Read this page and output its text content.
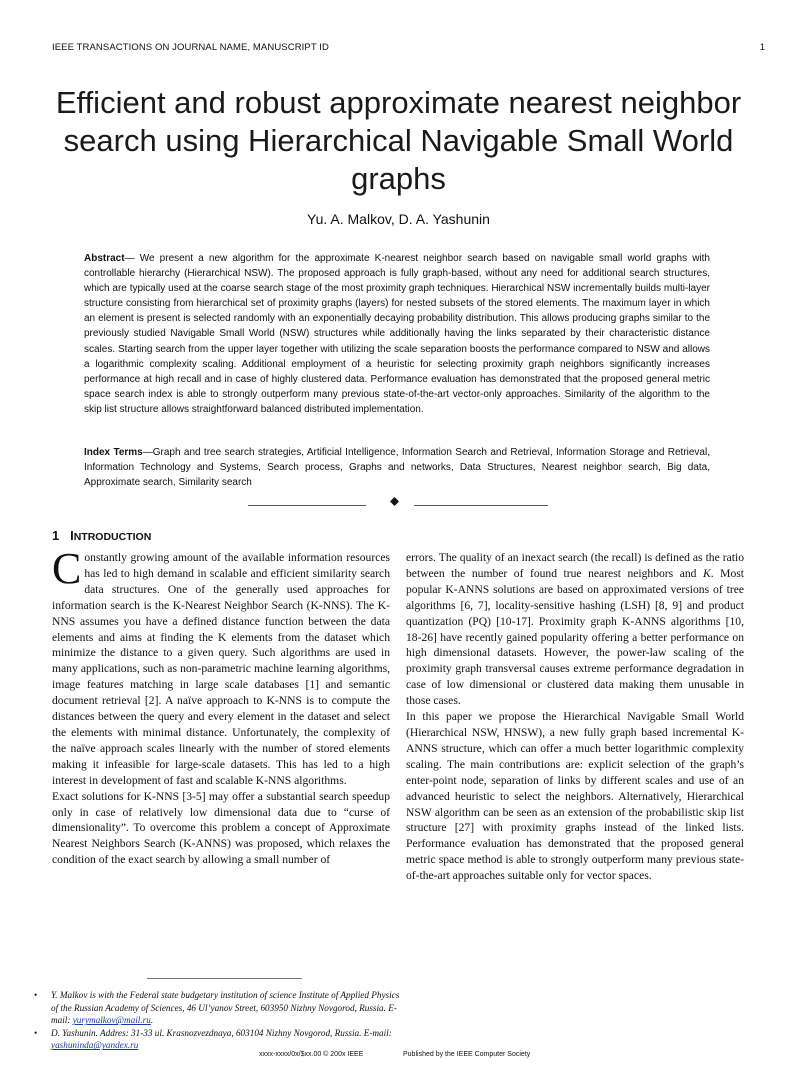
IEEE TRANSACTIONS ON JOURNAL NAME, MANUSCRIPT ID	1
Efficient and robust approximate nearest neighbor search using Hierarchical Navigable Small World graphs
Yu. A. Malkov, D. A. Yashunin
Abstract— We present a new algorithm for the approximate K-nearest neighbor search based on navigable small world graphs with controllable hierarchy (Hierarchical NSW). The proposed approach is fully graph-based, without any need for additional search structures, which are typically used at the coarse search stage of the most proximity graph techniques. Hierarchical NSW incrementally builds multi-layer structure consisting from hierarchical set of proximity graphs (layers) for nested subsets of the stored elements. The maximum layer in which an element is present is selected randomly with an exponentially decaying probability distribution. This allows producing graphs similar to the previously studied Navigable Small World (NSW) structures while additionally having the links separated by their characteristic distance scales. Starting search from the upper layer together with utilizing the scale separation boosts the performance compared to NSW and allows a logarithmic complexity scaling. Additional employment of a heuristic for selecting proximity graph neighbors significantly increases performance at high recall and in case of highly clustered data. Performance evaluation has demonstrated that the proposed general metric space search index is able to strongly outperform many previous state-of-the-art vector-only approaches. Similarity of the algorithm to the skip list structure allows straightforward balanced distributed implementation.
Index Terms—Graph and tree search strategies, Artificial Intelligence, Information Search and Retrieval, Information Storage and Retrieval, Information Technology and Systems, Search process, Graphs and networks, Data Structures, Nearest neighbor search, Big data, Approximate search, Similarity search
1 INTRODUCTION

Constantly growing amount of the available information resources has led to high demand in scalable and efficient similarity search data structures. One of the generally used approaches for information search is the K-Nearest Neighbor Search (K-NNS). The K-NNS assumes you have a defined distance function between the data elements and aims at finding the K elements from the dataset which minimize the distance to a given query. Such algorithms are used in many applications, such as non-parametric machine learning algorithms, image features matching in large scale databases [1] and semantic document retrieval [2]. A naïve approach to K-NNS is to compute the distances between the query and every element in the dataset and select the elements with minimal distance. Unfortunately, the complexity of the naïve approach scales linearly with the number of stored elements making it infeasible for large-scale datasets. This has led to a high interest in development of fast and scalable K-NNS algorithms.

Exact solutions for K-NNS [3-5] may offer a substantial search speedup only in case of relatively low dimensional data due to “curse of dimensionality”. To overcome this problem a concept of Approximate Nearest Neighbors Search (K-ANNS) was proposed, which relaxes the condition of the exact search by allowing a small number of

errors. The quality of an inexact search (the recall) is defined as the ratio between the number of found true nearest neighbors and K. Most popular K-ANNS solutions are based on approximated versions of tree algorithms [6, 7], locality-sensitive hashing (LSH) [8, 9] and product quantization (PQ) [10-17]. Proximity graph K-ANNS algorithms [10, 18-26] have recently gained popularity offering a better performance on high dimensional datasets. However, the power-law scaling of the proximity graph transversal causes extreme performance degradation in case of low dimensional or clustered data making them unusable in those cases.

In this paper we propose the Hierarchical Navigable Small World (Hierarchical NSW, HNSW), a new fully graph based incremental K-ANNS structure, which can offer a much better logarithmic complexity scaling. The main contributions are: explicit selection of the graph’s enter-point node, separation of links by different scales and use of an advanced heuristic to select the neighbors. Alternatively, Hierarchical NSW algorithm can be seen as an extension of the probabilistic skip list structure [27] with proximity graphs instead of the linked lists. Performance evaluation has demonstrated that the proposed general metric space method is able to strongly outperform many previous state-of-the-art approaches suitable only for vector spaces.

•	Y. Malkov is with the Federal state budgetary institution of science Institute of Applied Physics of the Russian Academy of Sciences, 46 Ul’yanov Street, 603950 Nizhny Novgorod, Russia. E-mail: yurymalkov@mail.ru.

•	D. Yashunin. Addres: 31-33 ul. Krasnozvezdnaya, 603104 Nizhny Novgorod, Russia. E-mail: yashuninda@yandex.ru

xxxx-xxxx/0x/$xx.00 © 200x IEEE	Published by the IEEE Computer Society
